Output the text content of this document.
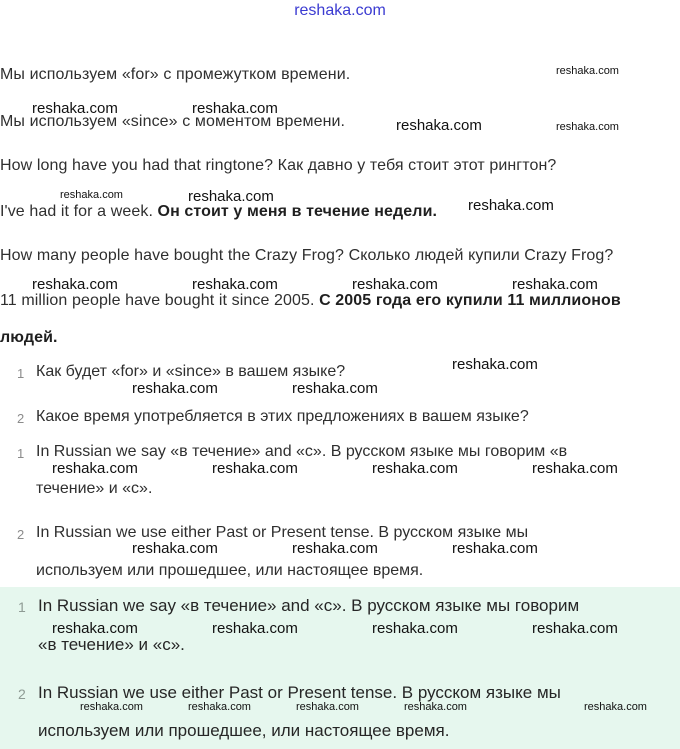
reshaka.com
Мы используем «for» с промежутком времени.
Мы используем «since» с моментом времени.
How long have you had that ringtone? Как давно у тебя стоит этот рингтон?
I've had it for a week. Он стоит у меня в течение недели.
How many people have bought the Crazy Frog? Сколько людей купили Crazy Frog?
11 million people have bought it since 2005. С 2005 года его купили 11 миллионов
людей.
1 Как будет «for» и «since» в вашем языке?
2 Какое время употребляется в этих предложениях в вашем языке?
1 In Russian we say «в течение» and «с». В русском языке мы говорим «в
течение» и «с».
2 In Russian we use either Past or Present tense. В русском языке мы
используем или прошедшее, или настоящее время.
1 In Russian we say «в течение» and «с». В русском языке мы говорим
«в течение» и «с».
2 In Russian we use either Past or Present tense. В русском языке мы
используем или прошедшее, или настоящее время.
reshaka.com
reshaka.com	reshaka.com
reshaka.com	reshaka.com
reshaka.com	reshaka.com
reshaka.com
reshaka.com	reshaka.com	reshaka.com	reshaka.com
reshaka.com
reshaka.com	reshaka.com
reshaka.com	reshaka.com	reshaka.com	reshaka.com
reshaka.com	reshaka.com	reshaka.com
reshaka.com	reshaka.com	reshaka.com	reshaka.com
reshaka.com	reshaka.com	reshaka.com	reshaka.com	reshaka.com
